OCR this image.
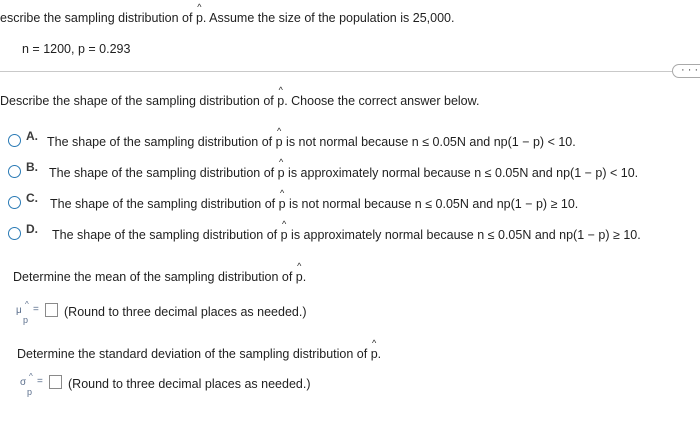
escribe the sampling distribution of ^ p. Assume the size of the population is 25,000.
n = 1200, p = 0.293
· · ·
Describe the shape of the sampling distribution of ^ p. Choose the correct answer below.
A. The shape of the sampling distribution of ^ p is not normal because n ≤ 0.05N and np(1 − p) < 10.
B. The shape of the sampling distribution of ^ p is approximately normal because n ≤ 0.05N and np(1 − p) < 10.
C. The shape of the sampling distribution of ^ p is not normal because n ≤ 0.05N and np(1 − p) ≥ 10.
D. The shape of the sampling distribution of ^ p is approximately normal because n ≤ 0.05N and np(1 − p) ≥ 10.
Determine the mean of the sampling distribution of ^ p.
μ
^ =
p
(Round to three decimal places as needed.)
Determine the standard deviation of the sampling distribution of ^ p.
σ
^ =
p
(Round to three decimal places as needed.)
